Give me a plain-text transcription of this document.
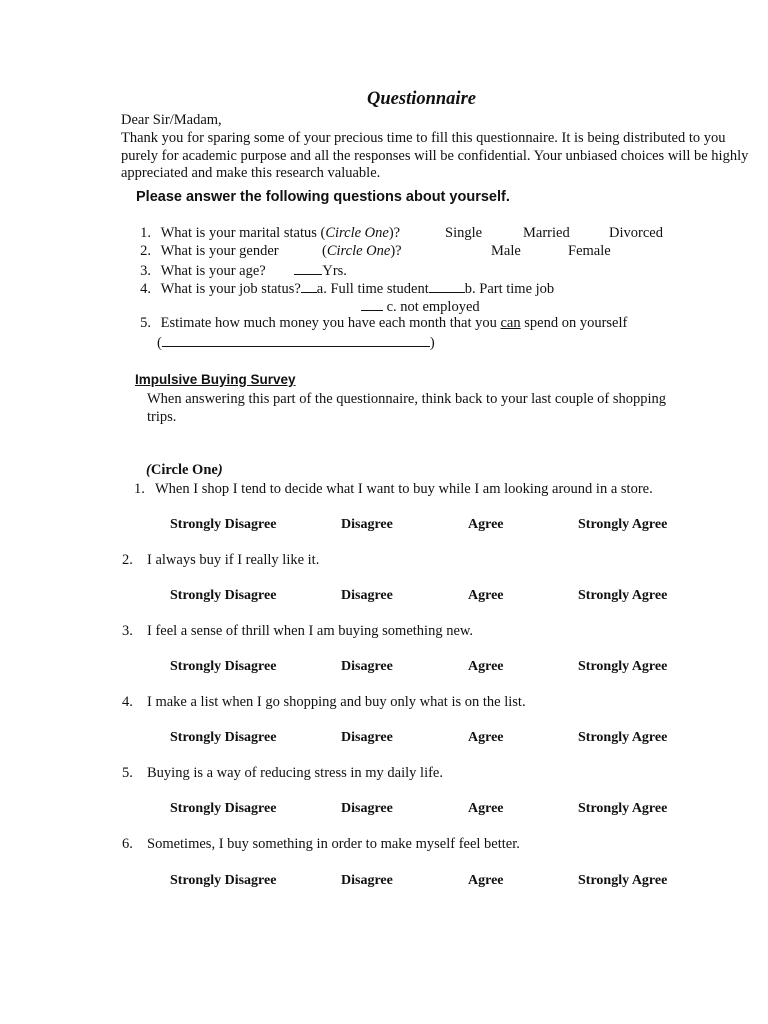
Questionnaire
Dear Sir/Madam,
Thank you for sparing some of your precious time to fill this questionnaire. It is being distributed to you purely for academic purpose and all the responses will be confidential. Your unbiased choices will be highly appreciated and make this research valuable.
Please answer the following questions about yourself.
1. What is your marital status (Circle One)?	Single	Married	Divorced
2. What is your gender	(Circle One)?	Male	Female
3. What is your age?	Yrs.
4. What is your job status? a. Full time student b. Part time job
c. not employed
5. Estimate how much money you have each month that you can spend on yourself
(	)
Impulsive Buying Survey
When answering this part of the questionnaire, think back to your last couple of shopping trips.
(Circle One)
1. When I shop I tend to decide what I want to buy while I am looking around in a store.
Strongly Disagree	Disagree	Agree	Strongly Agree
2. I always buy if I really like it.
Strongly Disagree	Disagree	Agree	Strongly Agree
3. I feel a sense of thrill when I am buying something new.
Strongly Disagree	Disagree	Agree	Strongly Agree
4. I make a list when I go shopping and buy only what is on the list.
Strongly Disagree	Disagree	Agree	Strongly Agree
5. Buying is a way of reducing stress in my daily life.
Strongly Disagree	Disagree	Agree	Strongly Agree
6. Sometimes, I buy something in order to make myself feel better.
Strongly Disagree	Disagree	Agree	Strongly Agree
